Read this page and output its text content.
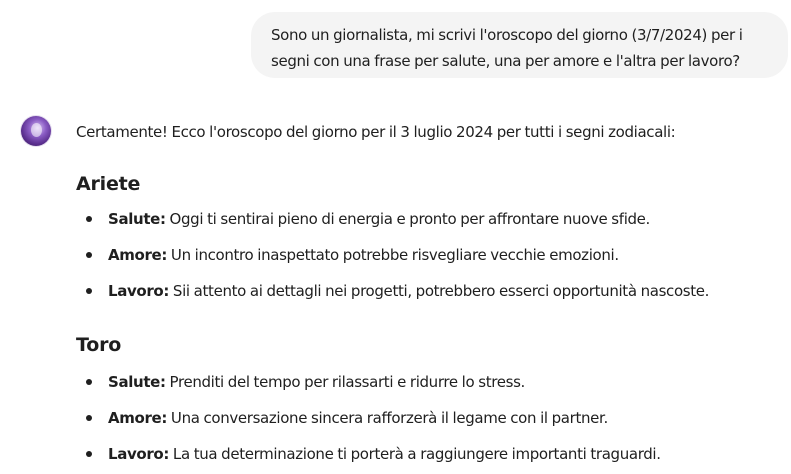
Sono un giornalista, mi scrivi l'oroscopo del giorno (3/7/2024) per i
segni con una frase per salute, una per amore e l'altra per lavoro?

Certamente! Ecco l'oroscopo del giorno per il 3 luglio 2024 per tutti i segni zodiacali:

Ariete
Salute: Oggi ti sentirai pieno di energia e pronto per affrontare nuove sfide.
Amore: Un incontro inaspettato potrebbe risvegliare vecchie emozioni.
Lavoro: Sii attento ai dettagli nei progetti, potrebbero esserci opportunità nascoste.
Toro
Salute: Prenditi del tempo per rilassarti e ridurre lo stress.
Amore: Una conversazione sincera rafforzerà il legame con il partner.
Lavoro: La tua determinazione ti porterà a raggiungere importanti traguardi.
